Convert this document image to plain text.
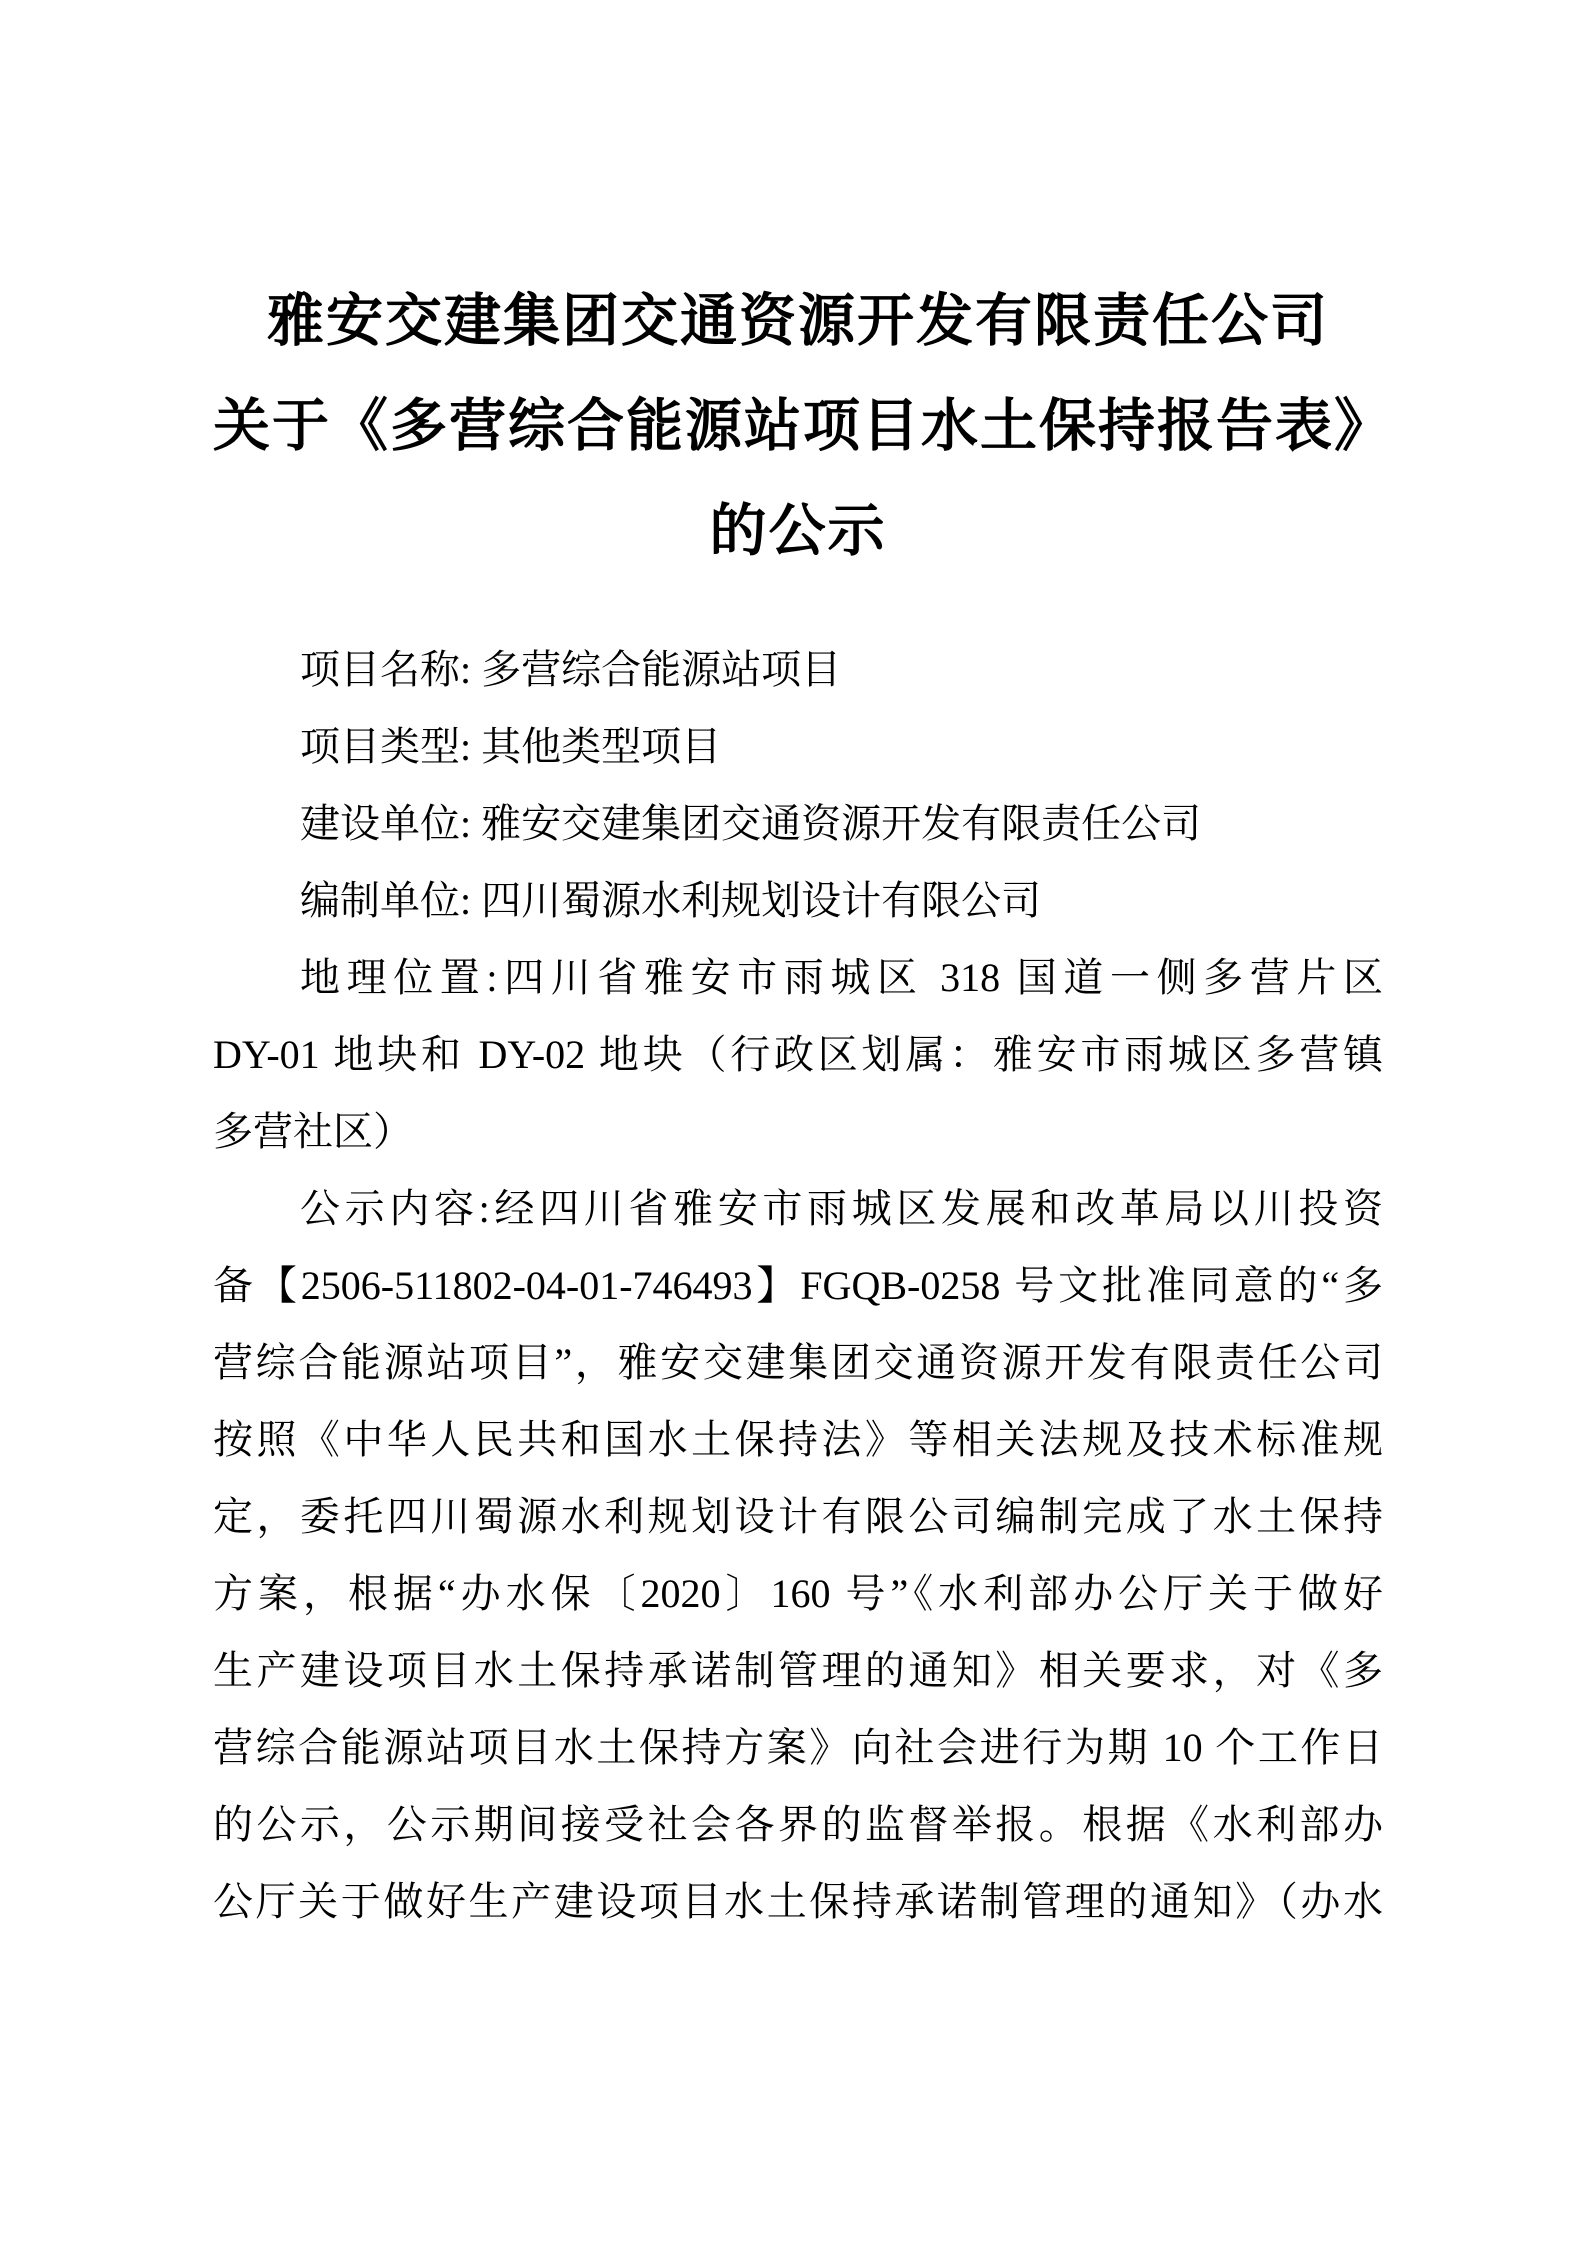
雅安交建集团交通资源开发有限责任公司
关于《多营综合能源站项目水土保持报告表》
的公示
项目名称: 多营综合能源站项目
项目类型: 其他类型项目
建设单位: 雅安交建集团交通资源开发有限责任公司
编制单位: 四川蜀源水利规划设计有限公司
地理位置:四川省雅安市雨城区 318 国道一侧多营片区
DY-01 地块和 DY-02 地块（行政区划属：雅安市雨城区多营镇
多营社区）
公示内容:经四川省雅安市雨城区发展和改革局以川投资
备【2506-511802-04-01-746493】FGQB-0258 号文批准同意的“多
营综合能源站项目”，雅安交建集团交通资源开发有限责任公司
按照《中华人民共和国水土保持法》等相关法规及技术标准规
定，委托四川蜀源水利规划设计有限公司编制完成了水土保持
方案，根据“办水保〔2020〕160 号”《水利部办公厅关于做好
生产建设项目水土保持承诺制管理的通知》相关要求，对《多
营综合能源站项目水土保持方案》向社会进行为期 10 个工作日
的公示，公示期间接受社会各界的监督举报。根据《水利部办
公厅关于做好生产建设项目水土保持承诺制管理的通知》（办水
